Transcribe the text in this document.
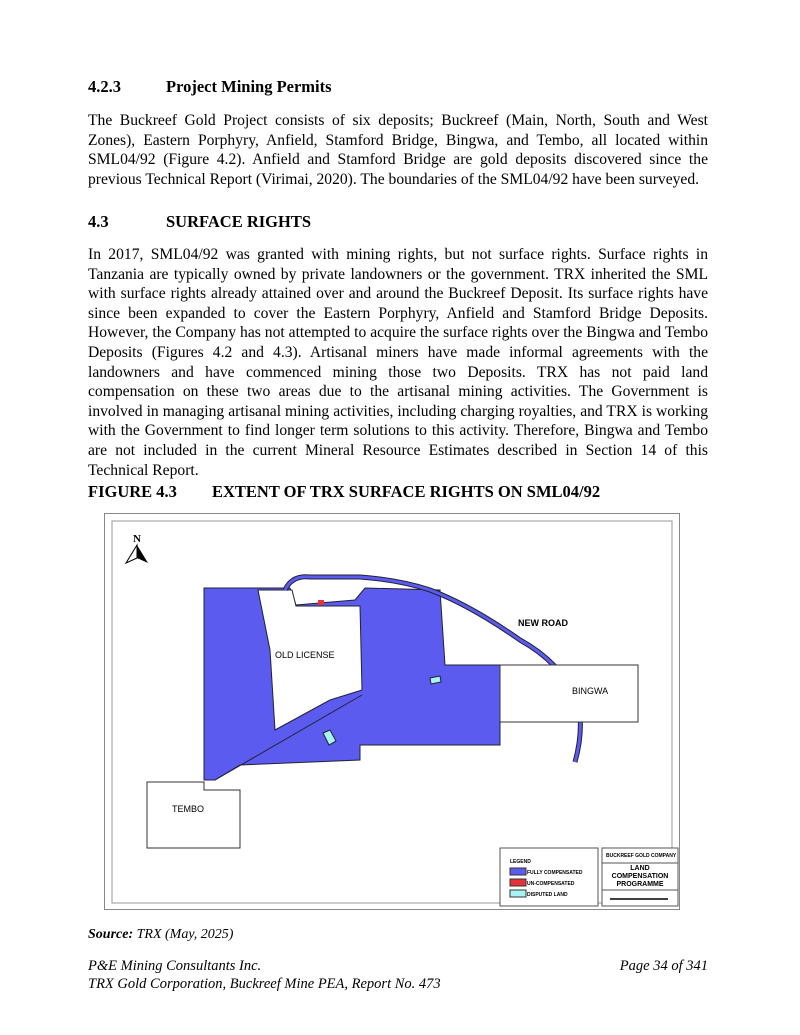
4.2.3	Project Mining Permits
The Buckreef Gold Project consists of six deposits; Buckreef (Main, North, South and West
Zones), Eastern Porphyry, Anfield, Stamford Bridge, Bingwa, and Tembo, all located within
SML04/92 (Figure 4.2). Anfield and Stamford Bridge are gold deposits discovered since the
previous Technical Report (Virimai, 2020). The boundaries of the SML04/92 have been surveyed.
4.3	SURFACE RIGHTS
In 2017, SML04/92 was granted with mining rights, but not surface rights. Surface rights in
Tanzania are typically owned by private landowners or the government. TRX inherited the SML
with surface rights already attained over and around the Buckreef Deposit. Its surface rights have
since been expanded to cover the Eastern Porphyry, Anfield and Stamford Bridge Deposits.
However, the Company has not attempted to acquire the surface rights over the Bingwa and Tembo
Deposits (Figures 4.2 and 4.3). Artisanal miners have made informal agreements with the
landowners and have commenced mining those two Deposits. TRX has not paid land
compensation on these two areas due to the artisanal mining activities. The Government is
involved in managing artisanal mining activities, including charging royalties, and TRX is working
with the Government to find longer term solutions to this activity. Therefore, Bingwa and Tembo
are not included in the current Mineral Resource Estimates described in Section 14 of this
Technical Report.
FIGURE 4.3 EXTENT OF TRX SURFACE RIGHTS ON SML04/92
N
OLD LICENSE
NEW ROAD
BINGWA
TEMBO
LEGEND
FULLY COMPENSATED
UN-COMPENSATED
DISPUTED LAND
BUCKREEF GOLD COMPANY
LAND COMPENSATION PROGRAMME
Source: TRX (May, 2025)
P&E Mining Consultants Inc.	Page 34 of 341
TRX Gold Corporation, Buckreef Mine PEA, Report No. 473
